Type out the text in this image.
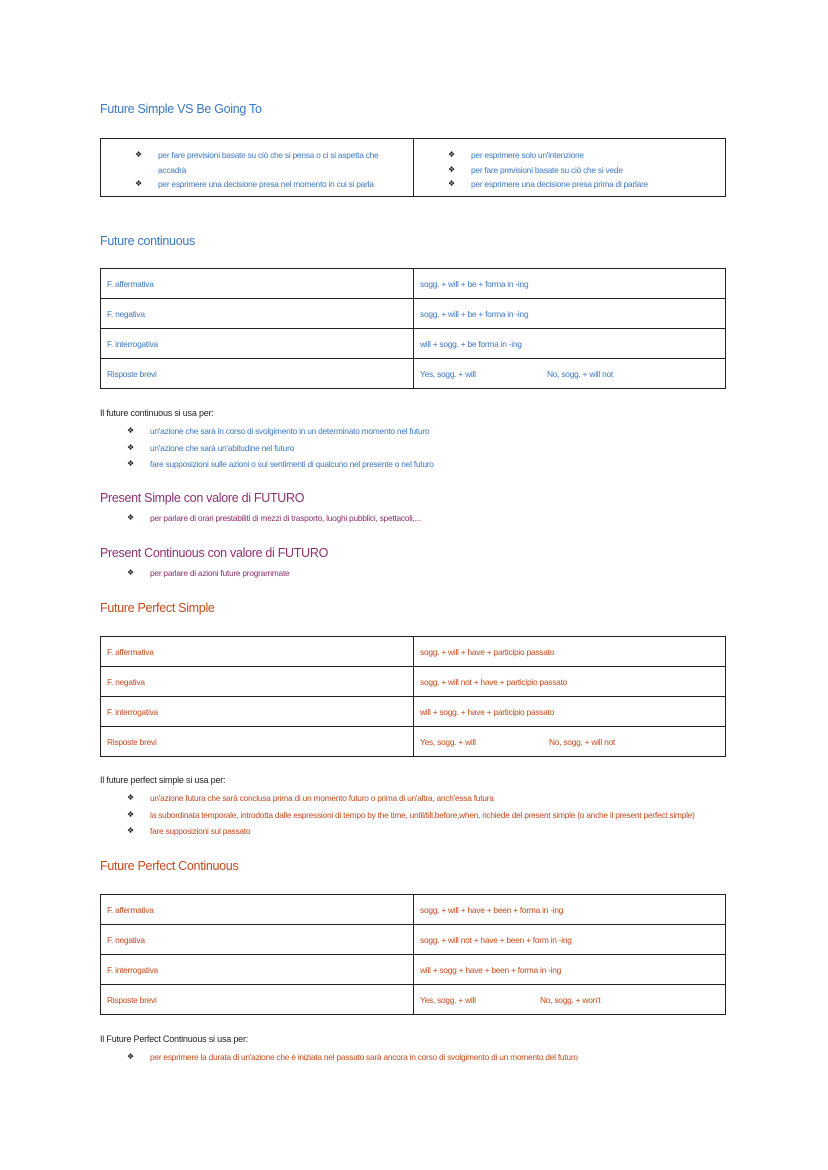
Future Simple VS Be Going To
❖ per fare previsioni basate su ciò che si pensa o ci si aspetta che
accadrà
❖ per esprimere una decisione presa nel momento in cui si parla
❖ per esprimere solo un'intenzione
❖ per fare previsioni basate su ciò che si vede
❖ per esprimere una decisione presa prima di parlare
Future continuous
F. affermativa	sogg. + will + be + forma in -ing
F. negativa	sogg. + will + be + forma in -ing
F. interrogativa	will + sogg. + be forma in -ing
Risposte brevi	Yes, sogg. + will	No, sogg. + will not
Il future continuous si usa per:
❖ un'azione che sarà in corso di svolgimento in un determinato momento nel futuro
❖ un'azione che sarà un'abitudine nel futuro
❖ fare supposizioni sulle azioni o sui sentimenti di qualcuno nel presente o nel futuro
Present Simple con valore di FUTURO
❖ per parlare di orari prestabiliti di mezzi di trasporto, luoghi pubblici, spettacoli,...
Present Continuous con valore di FUTURO
❖ per parlare di azioni future programmate
Future Perfect Simple
F. affermativa	sogg. + will + have + participio passato
F. negativa	sogg. + will not + have + participio passato
F. interrogativa	will + sogg. + have + participio passato
Risposte brevi	Yes, sogg. + will	No, sogg. + will not
Il future perfect simple si usa per:
❖ un'azione futura che sarà conclusa prima di un momento futuro o prima di un'altra, anch'essa futura
❖ la subordinata temporale, introdotta dalle espressioni di tempo by the time, until/till,before,when, richiede del present simple (o anche il present perfect simple)
❖ fare supposizioni sul passato
Future Perfect Continuous
F. affermativa	sogg. + will + have + been + forma in -ing
F. negativa	sogg. + will not + have + been + form in -ing
F. interrogativa	will + sogg + have + been + forma in -ing
Risposte brevi	Yes, sogg. + will	No, sogg. + won't
Il Future Perfect Continuous si usa per:
❖ per esprimere la durata di un'azione che è iniziata nel passato sarà ancora in corso di svolgimento di un momento del futuro
